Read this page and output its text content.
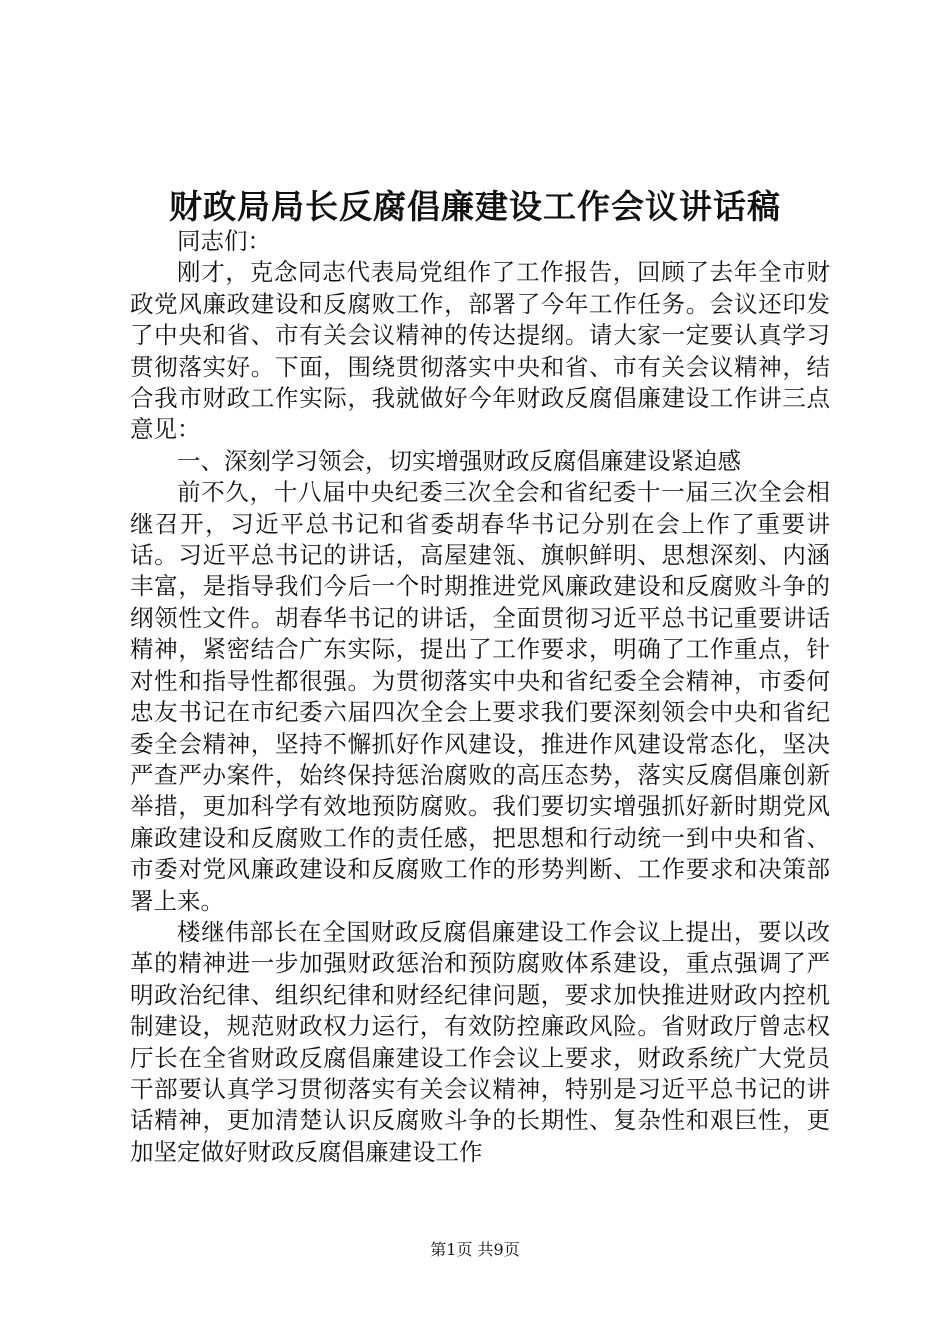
财政局局长反腐倡廉建设工作会议讲话稿

同志们：

刚才，克念同志代表局党组作了工作报告，回顾了去年全市财政党风廉政建设和反腐败工作，部署了今年工作任务。会议还印发了中央和省、市有关会议精神的传达提纲。请大家一定要认真学习贯彻落实好。下面，围绕贯彻落实中央和省、市有关会议精神，结合我市财政工作实际，我就做好今年财政反腐倡廉建设工作讲三点意见：

一、深刻学习领会，切实增强财政反腐倡廉建设紧迫感

前不久，十八届中央纪委三次全会和省纪委十一届三次全会相继召开，习近平总书记和省委胡春华书记分别在会上作了重要讲话。习近平总书记的讲话，高屋建瓴、旗帜鲜明、思想深刻、内涵丰富，是指导我们今后一个时期推进党风廉政建设和反腐败斗争的纲领性文件。胡春华书记的讲话，全面贯彻习近平总书记重要讲话精神，紧密结合广东实际，提出了工作要求，明确了工作重点，针对性和指导性都很强。为贯彻落实中央和省纪委全会精神，市委何忠友书记在市纪委六届四次全会上要求我们要深刻领会中央和省纪委全会精神，坚持不懈抓好作风建设，推进作风建设常态化，坚决严查严办案件，始终保持惩治腐败的高压态势，落实反腐倡廉创新举措，更加科学有效地预防腐败。我们要切实增强抓好新时期党风廉政建设和反腐败工作的责任感，把思想和行动统一到中央和省、市委对党风廉政建设和反腐败工作的形势判断、工作要求和决策部署上来。

楼继伟部长在全国财政反腐倡廉建设工作会议上提出，要以改革的精神进一步加强财政惩治和预防腐败体系建设，重点强调了严明政治纪律、组织纪律和财经纪律问题，要求加快推进财政内控机制建设，规范财政权力运行，有效防控廉政风险。省财政厅曾志权厅长在全省财政反腐倡廉建设工作会议上要求，财政系统广大党员干部要认真学习贯彻落实有关会议精神，特别是习近平总书记的讲话精神，更加清楚认识反腐败斗争的长期性、复杂性和艰巨性，更加坚定做好财政反腐倡廉建设工作

第1页 共9页
